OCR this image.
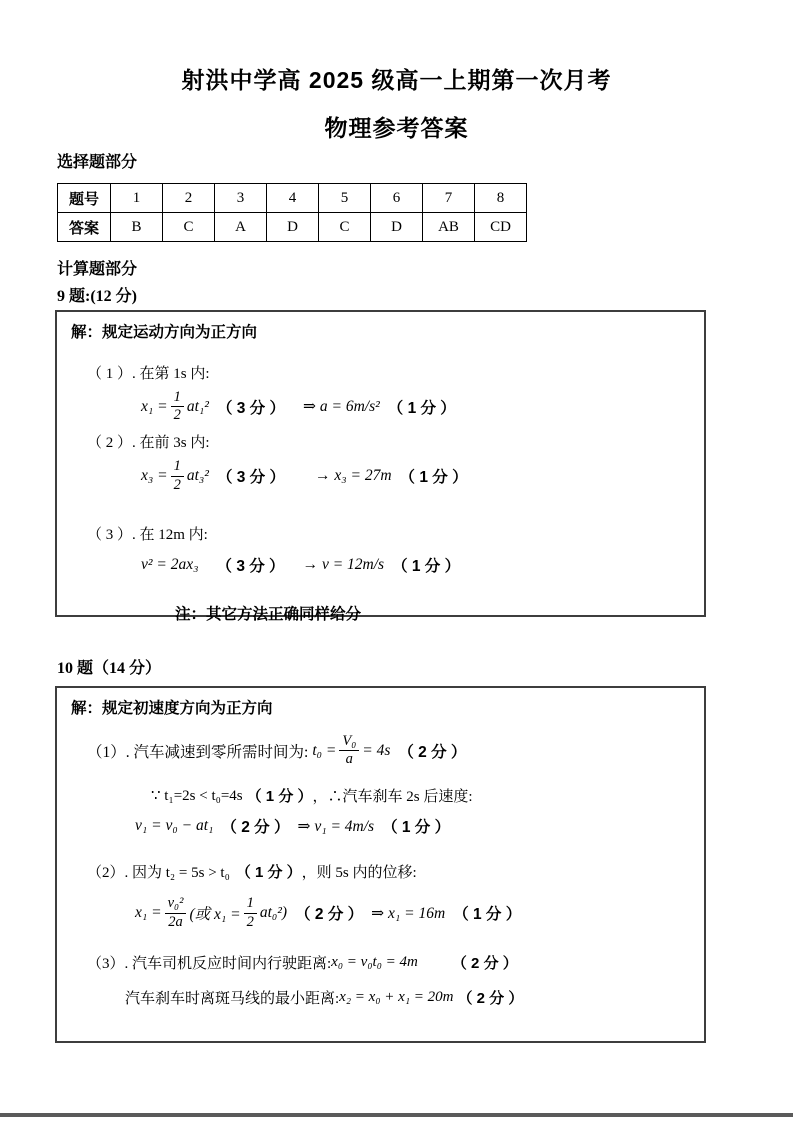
射洪中学高 2025 级高一上期第一次月考
物理参考答案
选择题部分
题号	1	2	3	4	5	6	7	8
答案	B	C	A	D	C	D	AB	CD
计算题部分
9 题:(12 分)
解：规定运动方向为正方向
（ 1 ）. 在第 1s 内:
$x_1 = \frac{1}{2} at_1^2$ （ 3 分 ） ⇒ a = 6m/s² （ 1 分 ）
（ 2 ）. 在前 3s 内:
$x_3 = \frac{1}{2} at_3^2$ （ 3 分 ） → x₃ = 27m （ 1 分 ）
（ 3 ）. 在 12m 内:
v² = 2ax₃ （ 3 分 ） → v = 12m/s （ 1 分 ）
注：其它方法正确同样给分
10 题（14 分）
解：规定初速度方向为正方向
（1）. 汽车减速到零所需时间为: $t_0 = \frac{\text{V₀}}{a} = 4s$ （ 2 分 ）
∵ t₁=2s < t₀=4s （ 1 分 ） ，∴汽车刹车 2s 后速度:
v₁ = v₀ − at₁ （ 2 分 ） ⇒ v₁ = 4m/s （ 1 分 ）
（2）. 因为 t₂ = 5s > t₀ （ 1 分 ） ，则 5s 内的位移:
$x_1 = \frac{\text{v₀²}}{2a}$ (或 $x_1 = \frac{1}{2} at_0^2$) （ 2 分 ） ⇒ x₁ = 16m （ 1 分 ）
（3）. 汽车司机反应时间内行驶距离: x₀ = v₀t₀ = 4m （ 2 分 ）
汽车刹车时离斑马线的最小距离: x₂ = x₀ + x₁ = 20m （ 2 分 ）
